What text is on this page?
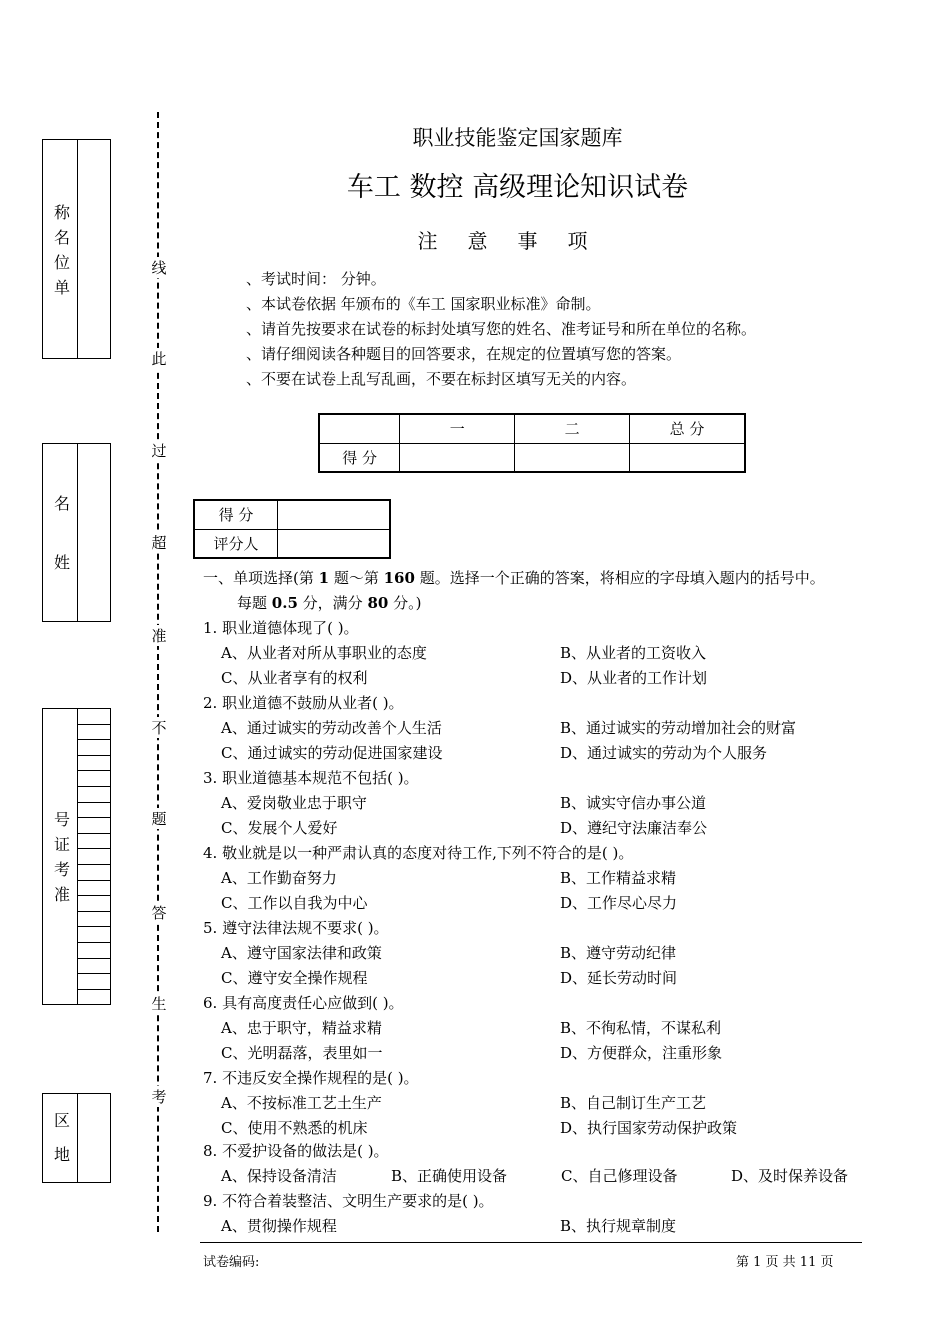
称
名
位
单
名
姓
号
证
考
准
区
地
线
此
过
超
准
不
题
答
生
考
职业技能鉴定国家题库
车工 数控 高级理论知识试卷
注意事项
、考试时间： 分钟。
、本试卷依据 年颁布的《车工 国家职业标准》命制。
、请首先按要求在试卷的标封处填写您的姓名、准考证号和所在单位的名称。
、请仔细阅读各种题目的回答要求，在规定的位置填写您的答案。
、不要在试卷上乱写乱画，不要在标封区填写无关的内容。
	一	二	总 分
得 分			
得 分	
评分人	
一、单项选择(第 1 题～第 160 题。选择一个正确的答案，将相应的字母填入题内的括号中。
每题 0.5 分，满分 80 分。)
1. 职业道德体现了( )。
A、从业者对所从事职业的态度	B、从业者的工资收入
C、从业者享有的权利	D、从业者的工作计划
2. 职业道德不鼓励从业者( )。
A、通过诚实的劳动改善个人生活	B、通过诚实的劳动增加社会的财富
C、通过诚实的劳动促进国家建设	D、通过诚实的劳动为个人服务
3. 职业道德基本规范不包括( )。
A、爱岗敬业忠于职守	B、诚实守信办事公道
C、发展个人爱好	D、遵纪守法廉洁奉公
4. 敬业就是以一种严肃认真的态度对待工作,下列不符合的是( )。
A、工作勤奋努力	B、工作精益求精
C、工作以自我为中心	D、工作尽心尽力
5. 遵守法律法规不要求( )。
A、遵守国家法律和政策	B、遵守劳动纪律
C、遵守安全操作规程	D、延长劳动时间
6. 具有高度责任心应做到( )。
A、忠于职守，精益求精	B、不徇私情，不谋私利
C、光明磊落，表里如一	D、方便群众，注重形象
7. 不违反安全操作规程的是( )。
A、不按标准工艺土生产	B、自己制订生产工艺
C、使用不熟悉的机床	D、执行国家劳动保护政策
8. 不爱护设备的做法是( )。
A、保持设备清洁	B、正确使用设备	C、自己修理设备	D、及时保养设备
9. 不符合着装整洁、文明生产要求的是( )。
A、贯彻操作规程	B、执行规章制度
试卷编码:	第 1 页 共 11 页
